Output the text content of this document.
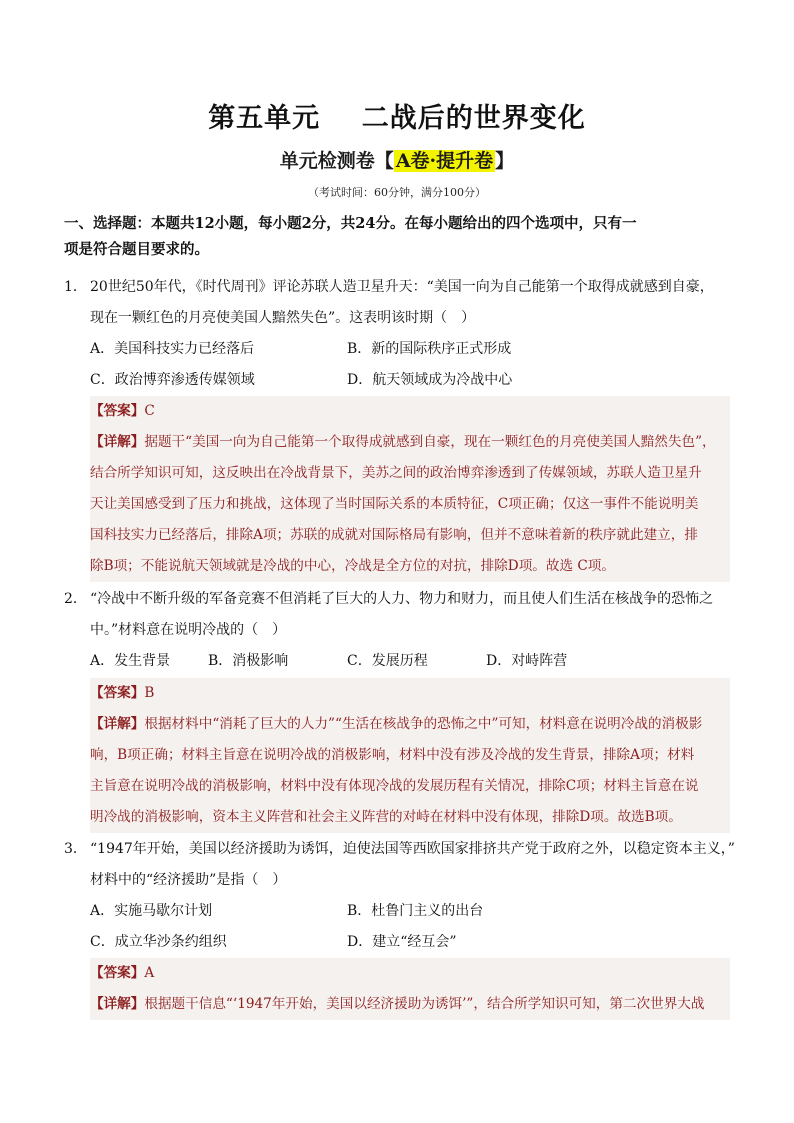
第五单元    二战后的世界变化
单元检测卷【 A卷·提升卷 】
（考试时间：60分钟，满分100分）
一、选择题：本题共12小题，每小题2分，共24分。在每小题给出的四个选项中，只有一
项是符合题目要求的。
1． 20世纪50年代，《时代周刊》评论苏联人造卫星升天：“美国一向为自己能第一个取得成就感到自豪，
现在一颗红色的月亮使美国人黯然失色”。这表明该时期（　）
A．美国科技实力已经落后	B．新的国际秩序正式形成
C．政治博弈渗透传媒领域	D．航天领域成为冷战中心
【答案】C
【详解】据题干“美国一向为自己能第一个取得成就感到自豪，现在一颗红色的月亮使美国人黯然失色”，
结合所学知识可知，这反映出在冷战背景下，美苏之间的政治博弈渗透到了传媒领域，苏联人造卫星升
天让美国感受到了压力和挑战，这体现了当时国际关系的本质特征，C项正确；仅这一事件不能说明美
国科技实力已经落后，排除A项；苏联的成就对国际格局有影响，但并不意味着新的秩序就此建立，排
除B项；不能说航天领域就是冷战的中心，冷战是全方位的对抗，排除D项。故选 C项。
2． “冷战中不断升级的军备竞赛不但消耗了巨大的人力、物力和财力，而且使人们生活在核战争的恐怖之
中。”材料意在说明冷战的（　）
A．发生背景	B．消极影响	C．发展历程	D．对峙阵营
【答案】B
【详解】根据材料中“消耗了巨大的人力”“生活在核战争的恐怖之中”可知，材料意在说明冷战的消极影
响，B项正确；材料主旨意在说明冷战的消极影响，材料中没有涉及冷战的发生背景，排除A项；材料
主旨意在说明冷战的消极影响，材料中没有体现冷战的发展历程有关情况，排除C项；材料主旨意在说
明冷战的消极影响，资本主义阵营和社会主义阵营的对峙在材料中没有体现，排除D项。故选B项。
3． “1947年开始，美国以经济援助为诱饵，迫使法国等西欧国家排挤共产党于政府之外，以稳定资本主义，”
材料中的“经济援助”是指（　）
A．实施马歇尔计划	B．杜鲁门主义的出台
C．成立华沙条约组织	D．建立“经互会”
【答案】A
【详解】根据题干信息“‘1947年开始，美国以经济援助为诱饵’”，结合所学知识可知，第二次世界大战
